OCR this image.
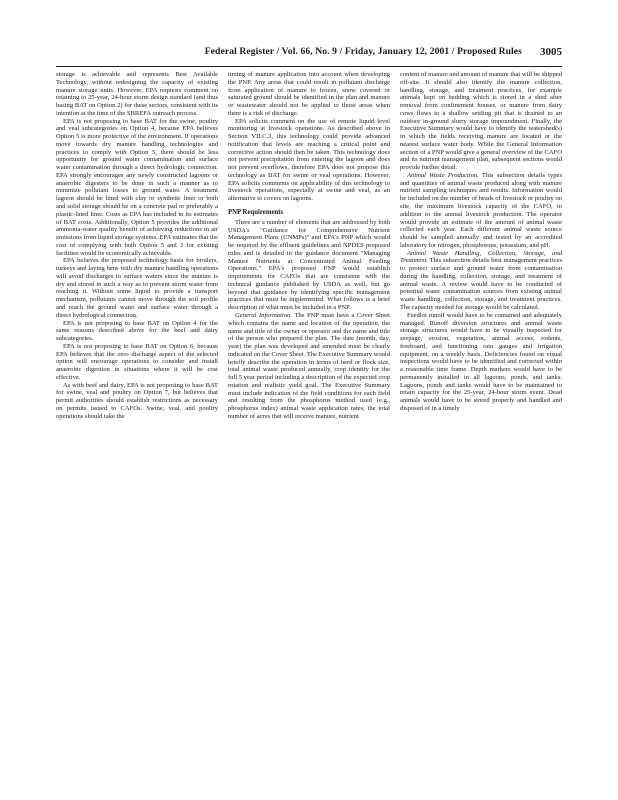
Federal Register / Vol. 66, No. 9 / Friday, January 12, 2001 / Proposed Rules 3005

storage is achievable and represents Best Available Technology, without redesigning the capacity of existing manure storage units. However, EPA requests comment on retaining to 25-year, 24-hour storm design standard (and thus basing BAT on Option 2) for these sectors, consistent with its intention at the time of the SBREFA outreach process.

EPA is not proposing to base BAT for the swine, poultry and veal subcategories on Option 4, because EPA believes Option 5 is more protective of the environment. If operations move towards dry manure handling technologies and practices to comply with Option 5, there should be less opportunity for ground water contamination and surface water contamination through a direct hydrologic connection. EPA strongly encourages any newly constructed lagoons or anaerobic digesters to be done in such a manner as to minimize pollutant losses to ground water. A treatment lagoon should be lined with clay or synthetic liner or both and solid storage should be on a concrete pad or preferably a plastic-lined liner. Costs as EPA has included in its estimates of BAT costs. Additionally, Option 5 provides the additional ammonia-water quality benefit of achieving reductions in air emissions from liquid storage systems. EPA estimates that the cost of complying with both Option 5 and 3 for existing facilities would be economically achievable.

EPA believes the proposed technology basis for broilers, turkeys and laying hens with dry manure handling operations will avoid discharges to surface waters since the manure is dry and stored in such a way as to prevent storm water from reaching it. Without some liquid to provide a transport mechanism, pollutants cannot move through the soil profile and reach the ground water and surface water through a direct hydrological connection.

EPA is not proposing to base BAT on Option 4 for the same reasons described above for the beef and dairy subcategories.

EPA is not proposing to base BAT on Option 6, because EPA believes that the zero discharge aspect of the selected option will encourage operations to consider and install anaerobic digestion in situations where it will be cost effective.

As with beef and dairy, EPA is not proposing to base BAT for swine, veal and poultry on Option 7, but believes that permit authorities should establish restrictions as necessary on permits issued to CAFOs. Swine, veal, and poultry operations should take the

timing of manure application into account when developing the PNP. Any areas that could result in pollutant discharge from application of manure to frozen, snow covered or saturated ground should be identified in the plan and manure or wastewater should not be applied to those areas when there is a risk of discharge.

EPA solicits comment on the use of remote liquid level monitoring at livestock operations. As described above in Section VII.C.3, this technology could provide advanced notification that levels are reaching a critical point and corrective action should then be taken. This technology does not prevent precipitation from entering the lagoon and does not prevent overflows, therefore EPA does not propose this technology as BAT for swine or veal operations. However, EPA solicits comments on applicability of this technology to livestock operations, especially at swine and veal, as an alternative to covers on lagoons.

PNP Requirements

There are a number of elements that are addressed by both USDA's "Guidance for Comprehensive Nutrient Management Plans (CNMPs)" and EPA's PNP which would be required by the effluent guidelines and NPDES proposed rules and is detailed in the guidance document "Managing Manure Nutrients at Concentrated Animal Feeding Operations." EPA's proposed PNP would establish requirements for CAFOs that are consistent with the technical guidance published by USDA as well, but go beyond that guidance by identifying specific management practices that must be implemented. What follows is a brief description of what must be included in a PNP.

General Information. The PNP must have a Cover Sheet which contains the name and location of the operation, the name and title of the owner or operator and the name and title of the person who prepared the plan. The date (month, day, year) the plan was developed and amended must be clearly indicated on the Cover Sheet. The Executive Summary would briefly describe the operation in terms of herd or flock size, total animal waste produced annually, crop identity for the full 5 year period including a description of the expected crop rotation and realistic yield goal. The Executive Summary must include indication of the field conditions for each field and resulting from the phosphorus method used (e.g., phosphorus index) animal waste application rates, the total number of acres that will receive manure, nutrient

content of manure and amount of manure that will be shipped off-site. It should also identify the manure collection, handling, storage, and treatment practices, for example animals kept on bedding which is stored in a shed after removal from confinement houses, or manure from dairy cows flows to a shallow settling pit that is drained to an outdoor in-ground slurry storage impoundment. Finally, the Executive Summary would have to identify the watershed(s) in which the fields receiving manure are located or the nearest surface water body. While the General Information section of a PNP would give a general overview of the CAFO and its nutrient management plan, subsequent sections would provide further detail.

Animal Waste Production. This subsection details types and quantities of animal waste produced along with manure nutrient sampling techniques and results. Information would be included on the number of heads of livestock or poultry on site, the maximum livestock capacity of the CAFO, in addition to the annual livestock production. The operator would provide an estimate of the amount of animal waste collected each year. Each different animal waste source should be sampled annually and tested by an accredited laboratory for nitrogen, phosphorous, potassium, and pH.

Animal Waste Handling, Collection, Storage, and Treatment. This subsection details best management practices to protect surface and ground water from contamination during the handling, collection, storage, and treatment of animal waste. A review would have to be conducted of potential water contamination sources from existing animal waste handling, collection, storage, and treatment practices. The capacity needed for storage would be calculated.

Feedlot runoff would have to be contained and adequately managed. Runoff diversion structures and animal waste storage structures would have to be visually inspected for seepage, erosion, vegetation, animal access, rodents, freeboard, and functioning rain gauges and irrigation equipment, on a weekly basis. Deficiencies found on visual inspections would have to be identified and corrected within a reasonable time frame. Depth markers would have to be permanently installed in all lagoons, ponds, and tanks. Lagoons, ponds and tanks would have to be maintained to retain capacity for the 25-year, 24-hour storm event. Dead animals would have to be stored properly and handled and disposed of in a timely
